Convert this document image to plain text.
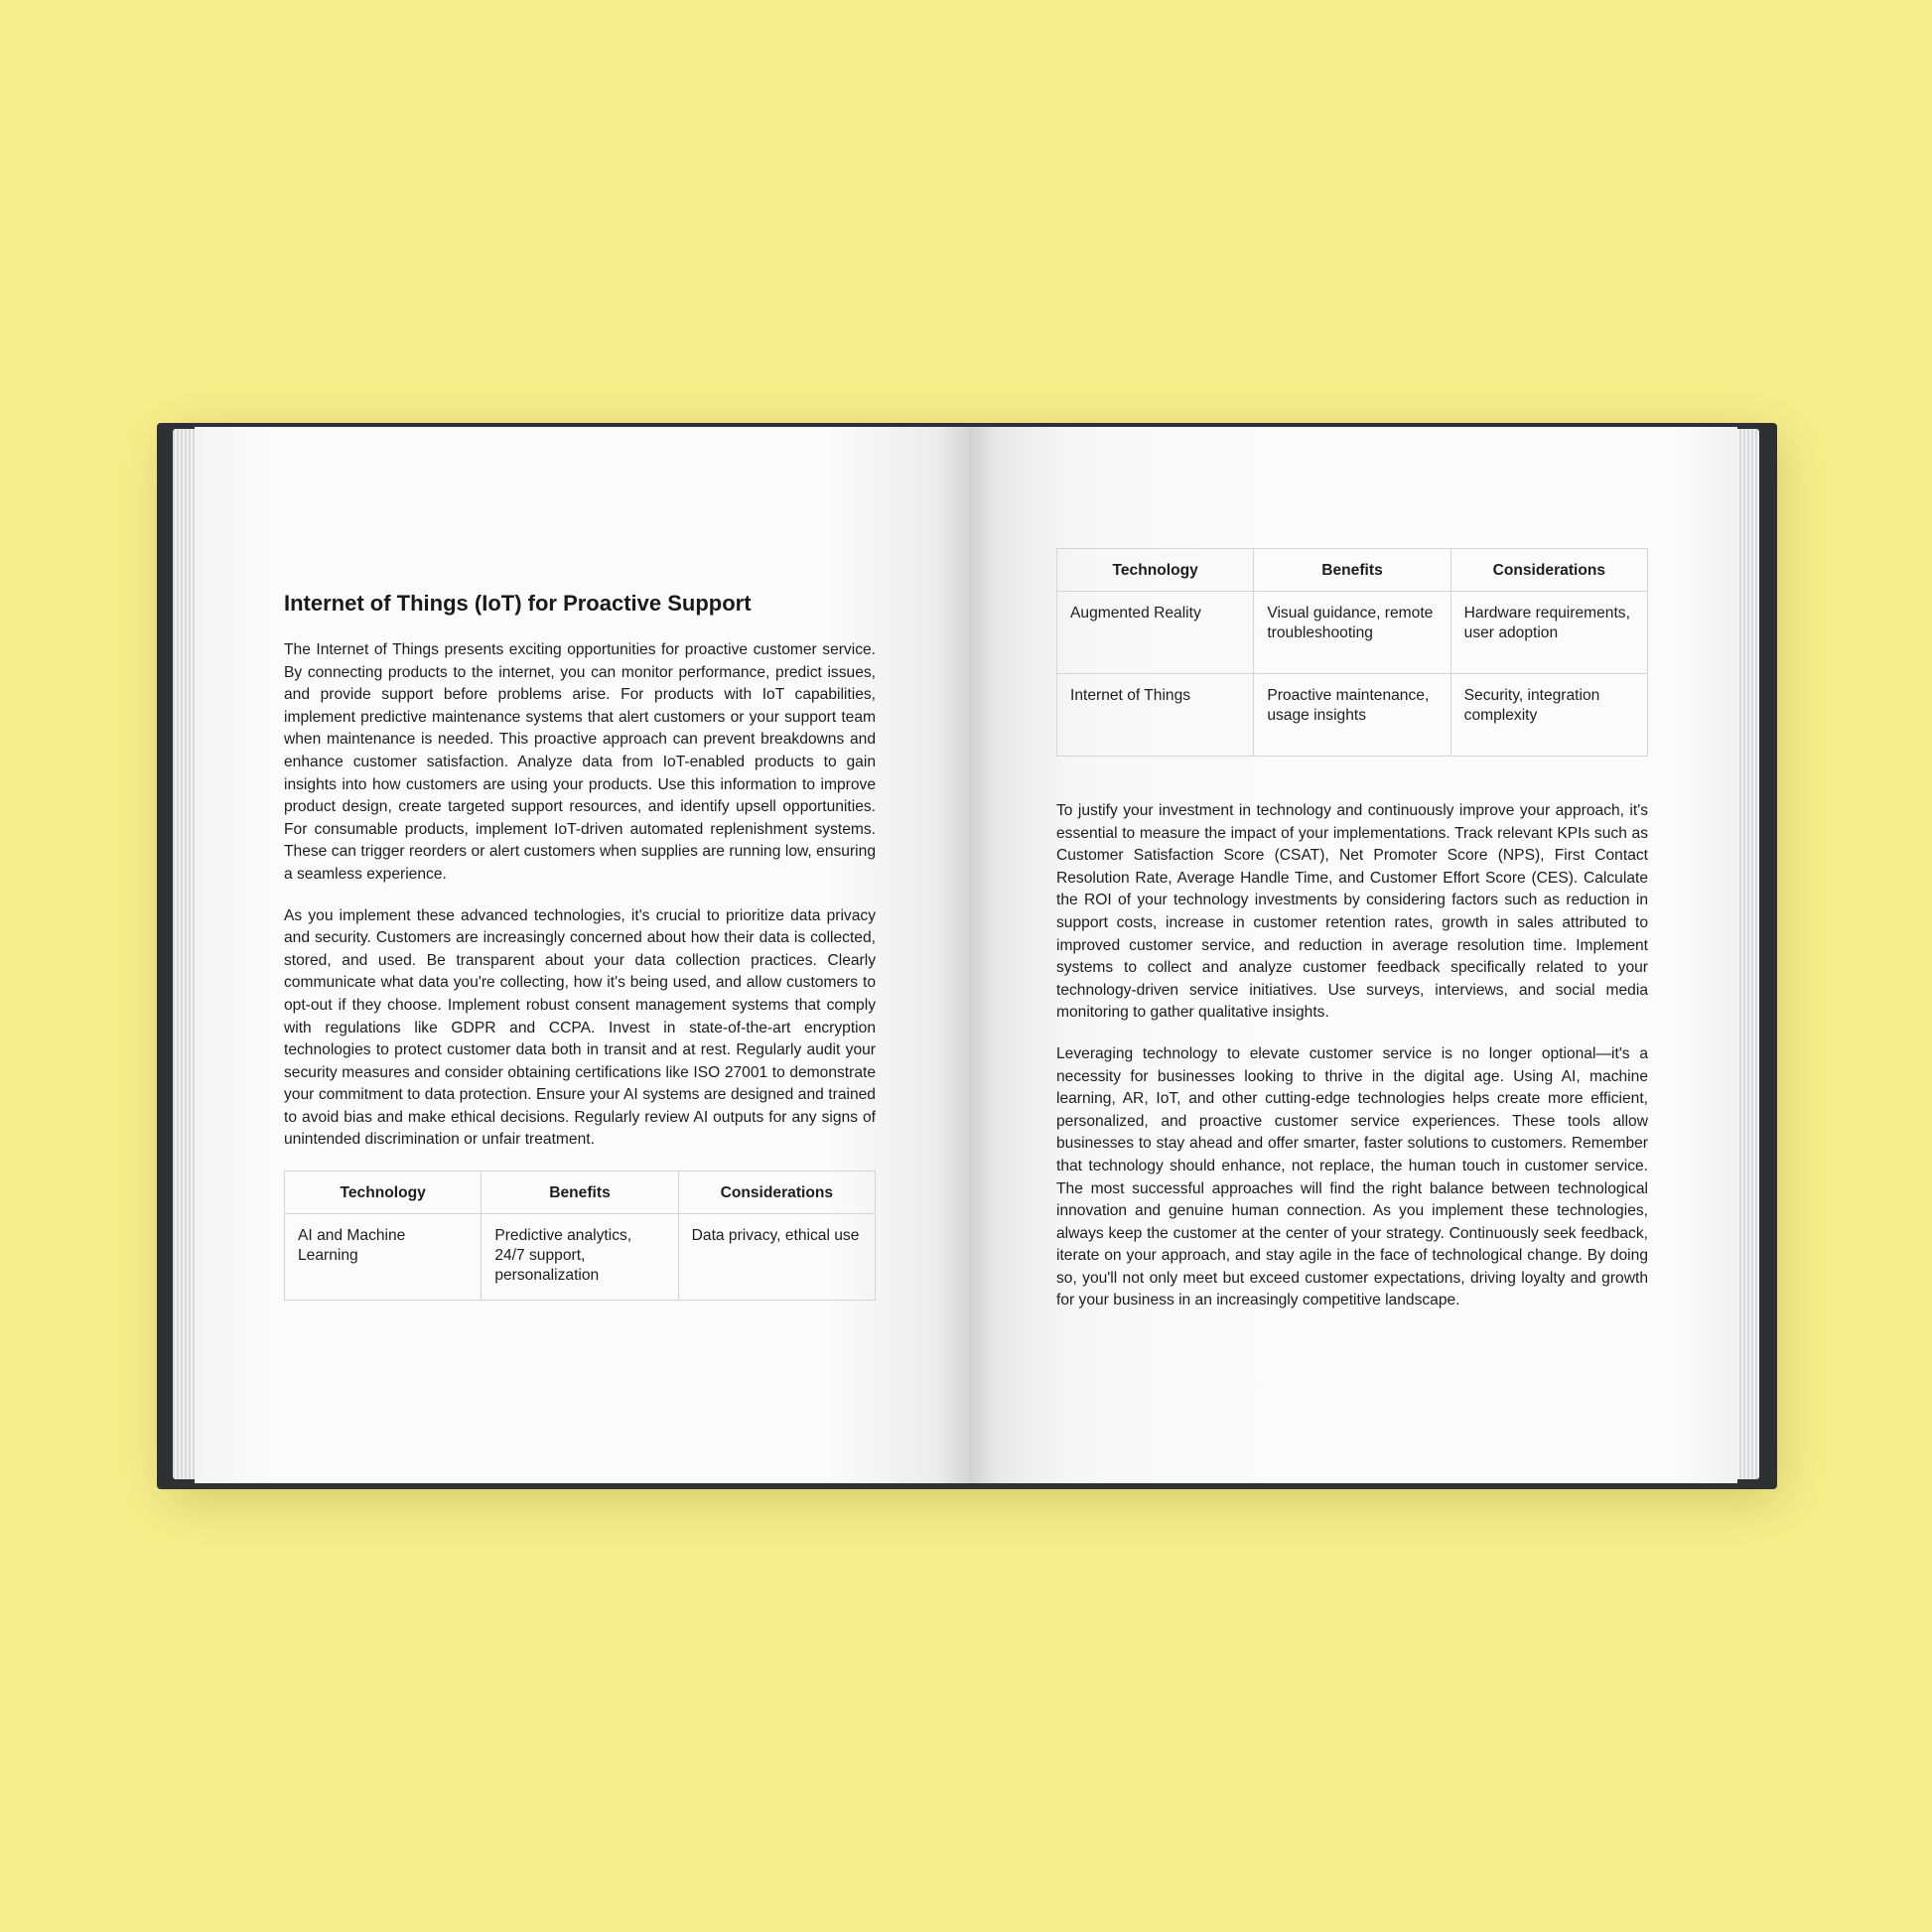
Internet of Things (IoT) for Proactive Support

The Internet of Things presents exciting opportunities for proactive customer service. By connecting products to the internet, you can monitor performance, predict issues, and provide support before problems arise. For products with IoT capabilities, implement predictive maintenance systems that alert customers or your support team when maintenance is needed. This proactive approach can prevent breakdowns and enhance customer satisfaction. Analyze data from IoT-enabled products to gain insights into how customers are using your products. Use this information to improve product design, create targeted support resources, and identify upsell opportunities. For consumable products, implement IoT-driven automated replenishment systems. These can trigger reorders or alert customers when supplies are running low, ensuring a seamless experience.

As you implement these advanced technologies, it's crucial to prioritize data privacy and security. Customers are increasingly concerned about how their data is collected, stored, and used. Be transparent about your data collection practices. Clearly communicate what data you're collecting, how it's being used, and allow customers to opt-out if they choose. Implement robust consent management systems that comply with regulations like GDPR and CCPA. Invest in state-of-the-art encryption technologies to protect customer data both in transit and at rest. Regularly audit your security measures and consider obtaining certifications like ISO 27001 to demonstrate your commitment to data protection. Ensure your AI systems are designed and trained to avoid bias and make ethical decisions. Regularly review AI outputs for any signs of unintended discrimination or unfair treatment.

Technology	Benefits	Considerations
AI and Machine Learning	Predictive analytics, 24/7 support, personalization	Data privacy, ethical use
Technology	Benefits	Considerations
Augmented Reality	Visual guidance, remote troubleshooting	Hardware requirements, user adoption
Internet of Things	Proactive maintenance, usage insights	Security, integration complexity

To justify your investment in technology and continuously improve your approach, it's essential to measure the impact of your implementations. Track relevant KPIs such as Customer Satisfaction Score (CSAT), Net Promoter Score (NPS), First Contact Resolution Rate, Average Handle Time, and Customer Effort Score (CES). Calculate the ROI of your technology investments by considering factors such as reduction in support costs, increase in customer retention rates, growth in sales attributed to improved customer service, and reduction in average resolution time. Implement systems to collect and analyze customer feedback specifically related to your technology-driven service initiatives. Use surveys, interviews, and social media monitoring to gather qualitative insights.

Leveraging technology to elevate customer service is no longer optional—it's a necessity for businesses looking to thrive in the digital age. Using AI, machine learning, AR, IoT, and other cutting-edge technologies helps create more efficient, personalized, and proactive customer service experiences. These tools allow businesses to stay ahead and offer smarter, faster solutions to customers. Remember that technology should enhance, not replace, the human touch in customer service. The most successful approaches will find the right balance between technological innovation and genuine human connection. As you implement these technologies, always keep the customer at the center of your strategy. Continuously seek feedback, iterate on your approach, and stay agile in the face of technological change. By doing so, you'll not only meet but exceed customer expectations, driving loyalty and growth for your business in an increasingly competitive landscape.
